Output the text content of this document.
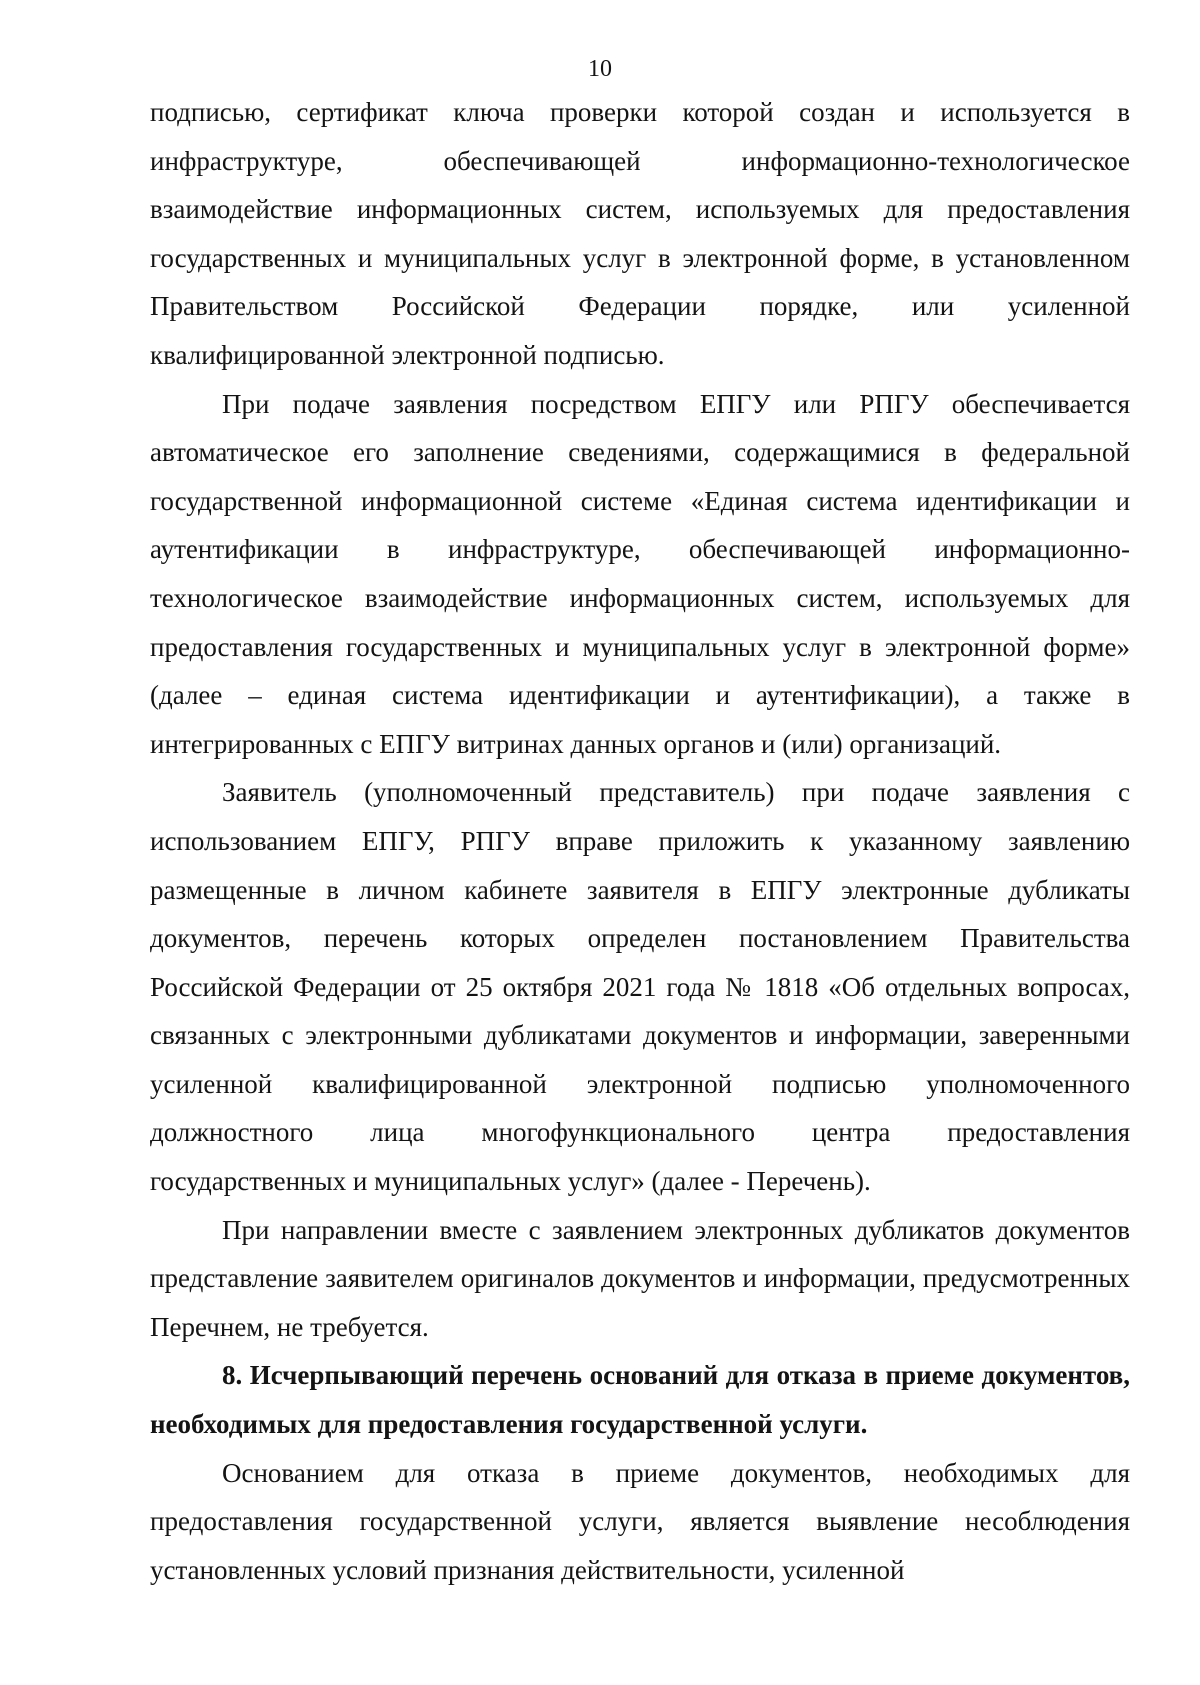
10

подписью, сертификат ключа проверки которой создан и используется в инфраструктуре, обеспечивающей информационно-технологическое взаимодействие информационных систем, используемых для предоставления государственных и муниципальных услуг в электронной форме, в установленном Правительством Российской Федерации порядке, или усиленной квалифицированной электронной подписью.

При подаче заявления посредством ЕПГУ или РПГУ обеспечивается автоматическое его заполнение сведениями, содержащимися в федеральной государственной информационной системе «Единая система идентификации и аутентификации в инфраструктуре, обеспечивающей информационно-технологическое взаимодействие информационных систем, используемых для предоставления государственных и муниципальных услуг в электронной форме» (далее – единая система идентификации и аутентификации), а также в интегрированных с ЕПГУ витринах данных органов и (или) организаций.

Заявитель (уполномоченный представитель) при подаче заявления с использованием ЕПГУ, РПГУ вправе приложить к указанному заявлению размещенные в личном кабинете заявителя в ЕПГУ электронные дубликаты документов, перечень которых определен постановлением Правительства Российской Федерации от 25 октября 2021 года № 1818 «Об отдельных вопросах, связанных с электронными дубликатами документов и информации, заверенными усиленной квалифицированной электронной подписью уполномоченного должностного лица многофункционального центра предоставления государственных и муниципальных услуг» (далее - Перечень).

При направлении вместе с заявлением электронных дубликатов документов представление заявителем оригиналов документов и информации, предусмотренных Перечнем, не требуется.

8. Исчерпывающий перечень оснований для отказа в приеме документов, необходимых для предоставления государственной услуги.

Основанием для отказа в приеме документов, необходимых для предоставления государственной услуги, является выявление несоблюдения установленных условий признания действительности, усиленной
